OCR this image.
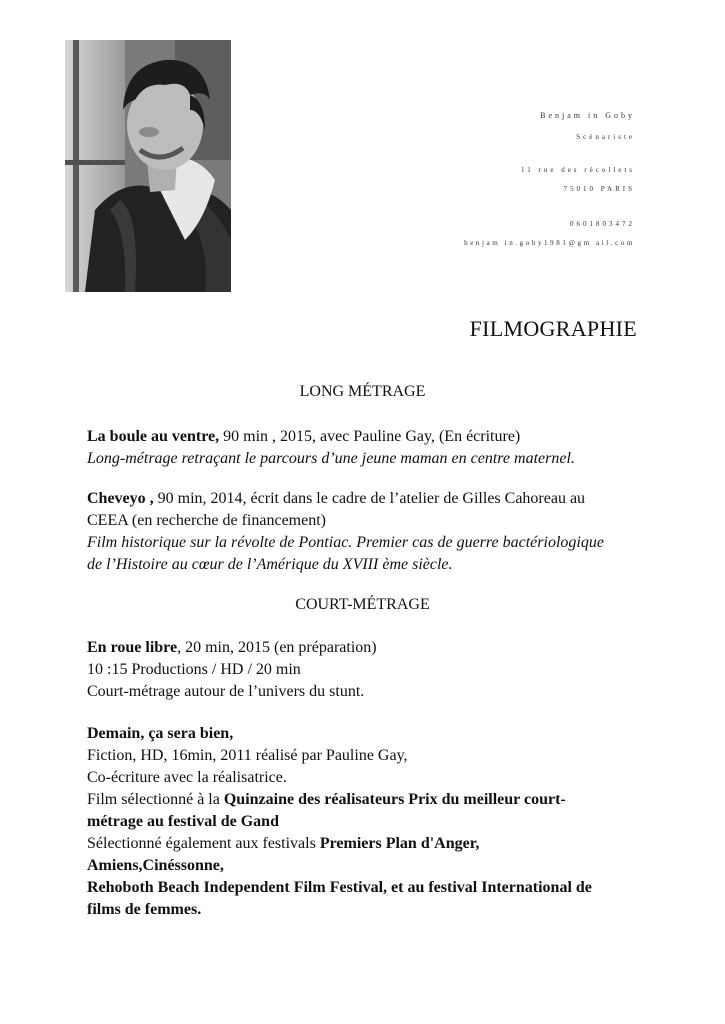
Benjam in Goby
Scénariste
11 rue des récollets
75010 PARIS
0601803472
benjam in.goby1981@gm ail.com
FILMOGRAPHIE
LONG MÉTRAGE
La boule au ventre, 90 min , 2015, avec Pauline Gay, (En écriture)
Long-métrage retraçant le parcours d’une jeune maman en centre maternel.
Cheveyo , 90 min, 2014, écrit dans le cadre de l’atelier de Gilles Cahoreau au
CEEA (en recherche de financement)
Film historique sur la révolte de Pontiac. Premier cas de guerre bactériologique
de l’Histoire au cœur de l’Amérique du XVIII ème siècle.
COURT-MÉTRAGE
En roue libre, 20 min, 2015 (en préparation)
10 :15 Productions / HD / 20 min
Court-métrage autour de l’univers du stunt.
Demain, ça sera bien,
Fiction, HD, 16min, 2011 réalisé par Pauline Gay,
Co-écriture avec la réalisatrice.
Film sélectionné à la Quinzaine des réalisateurs Prix du meilleur court-
métrage au festival de Gand
Sélectionné également aux festivals Premiers Plan d'Anger,
Amiens,Cinéssonne,
Rehoboth Beach Independent Film Festival, et au festival International de
films de femmes.
